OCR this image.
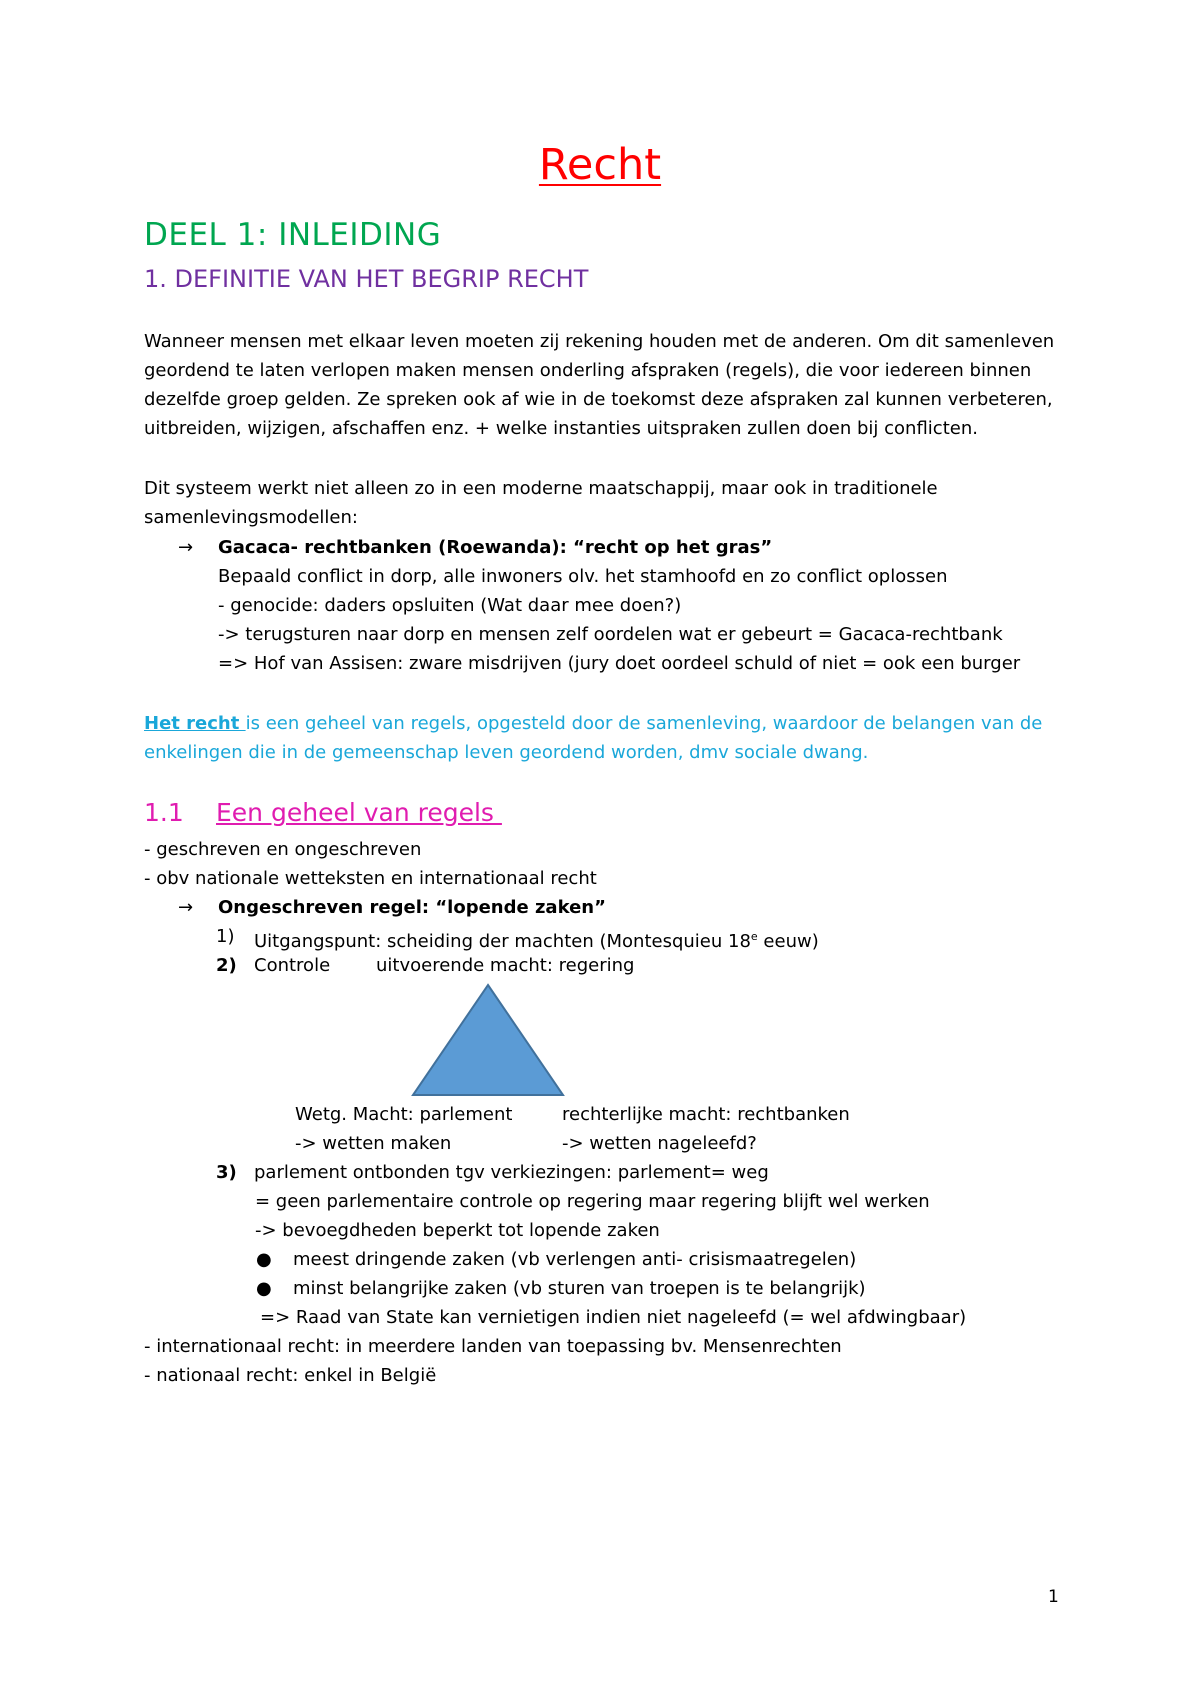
Recht
DEEL 1: INLEIDING
1. DEFINITIE VAN HET BEGRIP RECHT
Wanneer mensen met elkaar leven moeten zij rekening houden met de anderen. Om dit samenleven
geordend te laten verlopen maken mensen onderling afspraken (regels), die voor iedereen binnen
dezelfde groep gelden. Ze spreken ook af wie in de toekomst deze afspraken zal kunnen verbeteren,
uitbreiden, wijzigen, afschaffen enz. + welke instanties uitspraken zullen doen bij conflicten.
Dit systeem werkt niet alleen zo in een moderne maatschappij, maar ook in traditionele
samenlevingsmodellen:
→ Gacaca- rechtbanken (Roewanda): “recht op het gras”
Bepaald conflict in dorp, alle inwoners olv. het stamhoofd en zo conflict oplossen
- genocide: daders opsluiten (Wat daar mee doen?)
-> terugsturen naar dorp en mensen zelf oordelen wat er gebeurt = Gacaca-rechtbank
=> Hof van Assisen: zware misdrijven (jury doet oordeel schuld of niet = ook een burger
Het recht is een geheel van regels, opgesteld door de samenleving, waardoor de belangen van de
enkelingen die in de gemeenschap leven geordend worden, dmv sociale dwang.
1.1 Een geheel van regels
- geschreven en ongeschreven
- obv nationale wetteksten en internationaal recht
→ Ongeschreven regel: “lopende zaken”
1) Uitgangspunt: scheiding der machten (Montesquieu 18e eeuw)
2) Controle	uitvoerende macht: regering
Wetg. Macht: parlement
-> wetten maken
rechterlijke macht: rechtbanken
-> wetten nageleefd?
3) parlement ontbonden tgv verkiezingen: parlement= weg
= geen parlementaire controle op regering maar regering blijft wel werken
-> bevoegdheden beperkt tot lopende zaken
● meest dringende zaken (vb verlengen anti- crisismaatregelen)
● minst belangrijke zaken (vb sturen van troepen is te belangrijk)
=> Raad van State kan vernietigen indien niet nageleefd (= wel afdwingbaar)
- internationaal recht: in meerdere landen van toepassing bv. Mensenrechten
- nationaal recht: enkel in België
1
